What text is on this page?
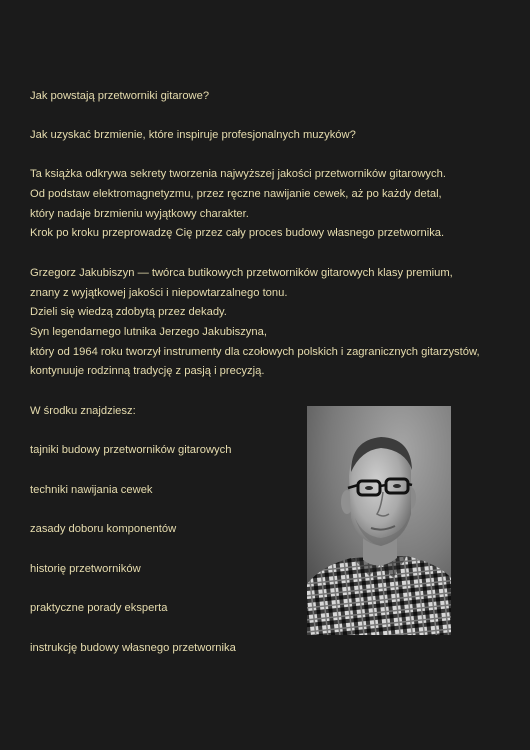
Jak powstają przetworniki gitarowe?
Jak uzyskać brzmienie, które inspiruje profesjonalnych muzyków?
Ta książka odkrywa sekrety tworzenia najwyższej jakości przetworników gitarowych.
Od podstaw elektromagnetyzmu, przez ręczne nawijanie cewek, aż po każdy detal,
który nadaje brzmieniu wyjątkowy charakter.
Krok po kroku przeprowadzę Cię przez cały proces budowy własnego przetwornika.
Grzegorz Jakubiszyn — twórca butikowych przetworników gitarowych klasy premium,
znany z wyjątkowej jakości i niepowtarzalnego tonu.
Dzieli się wiedzą zdobytą przez dekady.
Syn legendarnego lutnika Jerzego Jakubiszyna,
który od 1964 roku tworzył instrumenty dla czołowych polskich i zagranicznych gitarzystów,
kontynuuje rodzinną tradycję z pasją i precyzją.
W środku znajdziesz:
tajniki budowy przetworników gitarowych
techniki nawijania cewek
zasady doboru komponentów
historię przetworników
praktyczne porady eksperta
instrukcję budowy własnego przetwornika
